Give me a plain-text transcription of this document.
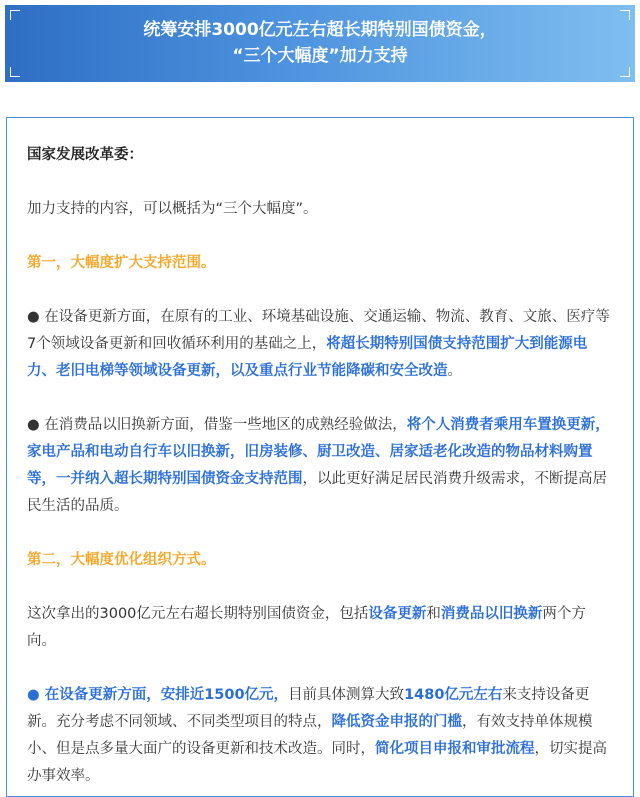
统筹安排3000亿元左右超长期特别国债资金，
“三个大幅度”加力支持

国家发展改革委：

加力支持的内容，可以概括为“三个大幅度”。

第一，大幅度扩大支持范围。

● 在设备更新方面，在原有的工业、环境基础设施、交通运输、物流、教育、文旅、医疗等7个领域设备更新和回收循环利用的基础之上，将超长期特别国债支持范围扩大到能源电力、老旧电梯等领域设备更新，以及重点行业节能降碳和安全改造。

● 在消费品以旧换新方面，借鉴一些地区的成熟经验做法，将个人消费者乘用车置换更新，家电产品和电动自行车以旧换新，旧房装修、厨卫改造、居家适老化改造的物品材料购置等，一并纳入超长期特别国债资金支持范围，以此更好满足居民消费升级需求，不断提高居民生活的品质。

第二，大幅度优化组织方式。

这次拿出的3000亿元左右超长期特别国债资金，包括设备更新和消费品以旧换新两个方向。

● 在设备更新方面，安排近1500亿元，目前具体测算大致1480亿元左右来支持设备更新。充分考虑不同领域、不同类型项目的特点，降低资金申报的门槛，有效支持单体规模小、但是点多量大面广的设备更新和技术改造。同时，简化项目申报和审批流程，切实提高办事效率。
